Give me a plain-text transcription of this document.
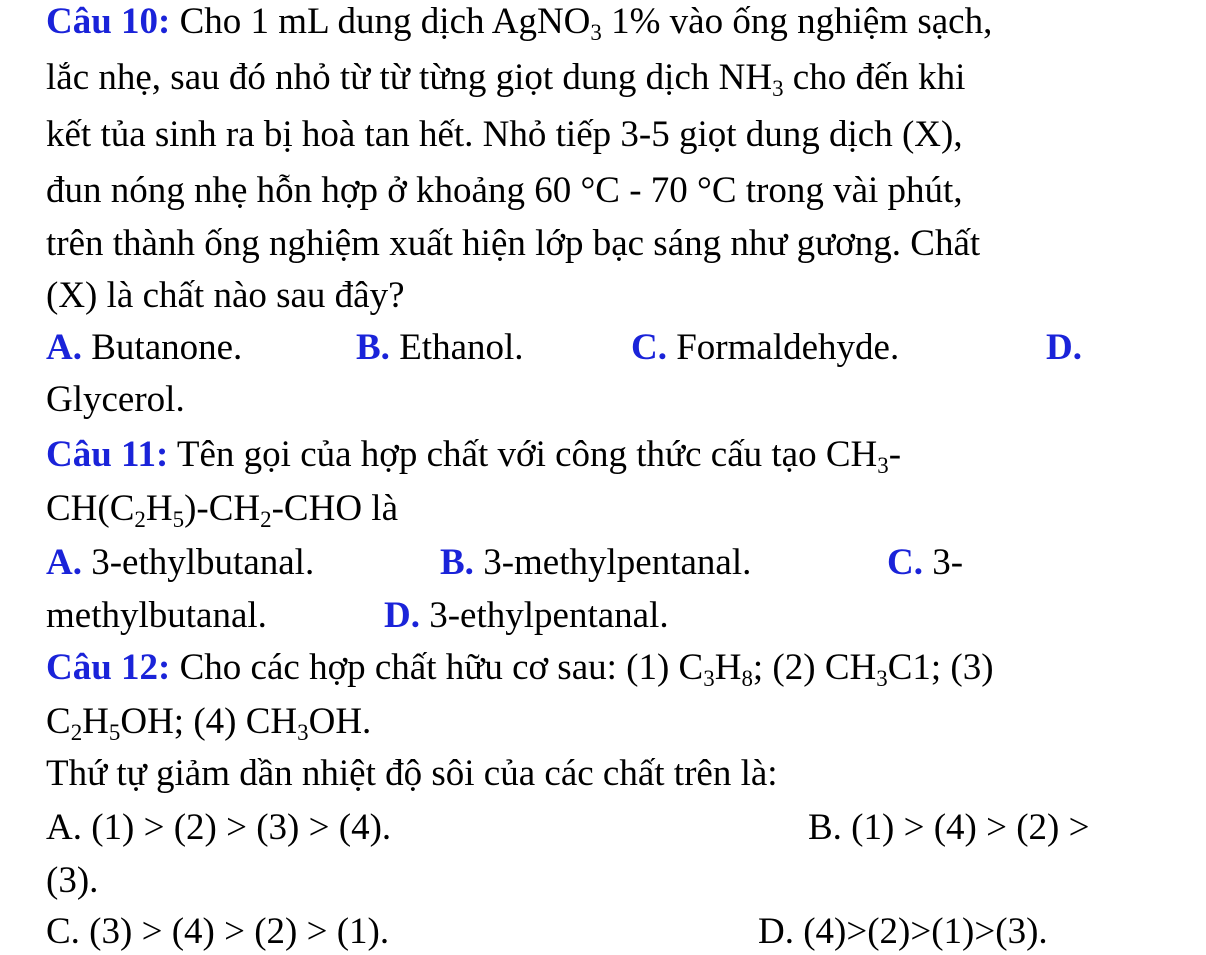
Câu 10: Cho 1 mL dung dịch AgNO$_3$ 1% vào ống nghiệm sạch,
lắc nhẹ, sau đó nhỏ từ từ từng giọt dung dịch $NH_3$ cho đến khi
kết tủa sinh ra bị hoà tan hết. Nhỏ tiếp 3-5 giọt dung dịch (X),
đun nóng nhẹ hỗn hợp ở khoảng 60 °C - 70 °C trong vài phút,
trên thành ống nghiệm xuất hiện lớp bạc sáng như gương. Chất
(X) là chất nào sau đây?
A. Butanone.	B. Ethanol.	C. Formaldehyde.	D.
Glycerol.
Câu 11: Tên gọi của hợp chất với công thức cấu tạo $CH_3-$
$CH(C_2H_5)-CH_2$-CHO là
A. 3-ethylbutanal.	B. 3-methylpentanal.	C. 3-
methylbutanal.	D. 3-ethylpentanal.
Câu 12: Cho các hợp chất hữu cơ sau: (1) $C_3H_8$; (2) $CH_3C1$; (3)
$C_2H_5OH$; (4) $CH_3OH$.
Thứ tự giảm dần nhiệt độ sôi của các chất trên là:
A. (1) > (2) > (3) > (4).	B. (1) > (4) > (2) >
(3).
C. (3) > (4) > (2) > (1).	D. (4)>(2)>(1)>(3).
